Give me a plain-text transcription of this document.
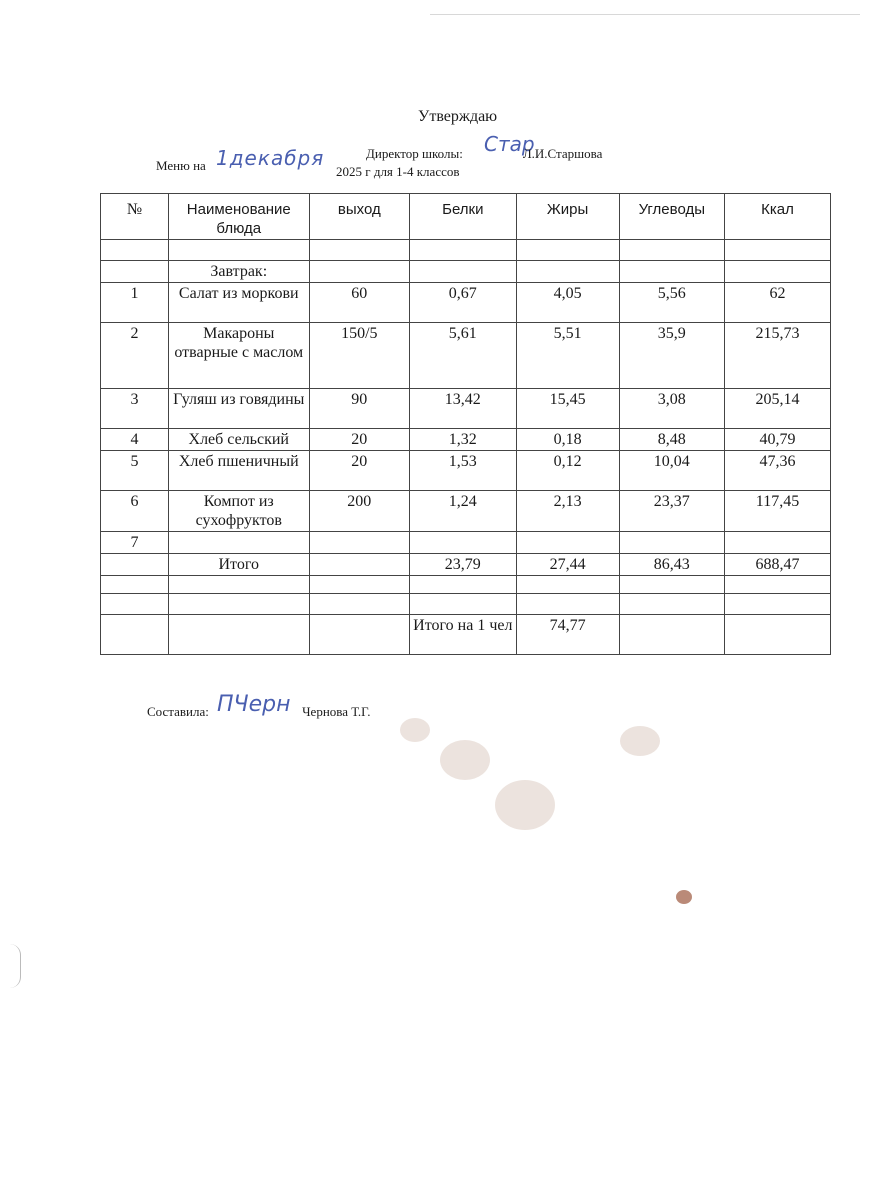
Утверждаю
Стар
Директор школы:	Л.И.Старшова
Меню на 1декабря
2025 г для 1-4 классов
№	Наименование блюда	выход	Белки	Жиры	Углеводы	Ккал

	Завтрак:					
1	Салат из моркови	60	0,67	4,05	5,56	62
2	Макароны отварные с маслом	150/5	5,61	5,51	35,9	215,73
3	Гуляш из говядины	90	13,42	15,45	3,08	205,14
4	Хлеб сельский	20	1,32	0,18	8,48	40,79
5	Хлеб пшеничный	20	1,53	0,12	10,04	47,36
6	Компот из сухофруктов	200	1,24	2,13	23,37	117,45
7						
	Итого		23,79	27,44	86,43	688,47

			Итого на 1 чел	74,77		
Составила: ПЧерн Чернова Т.Г.
